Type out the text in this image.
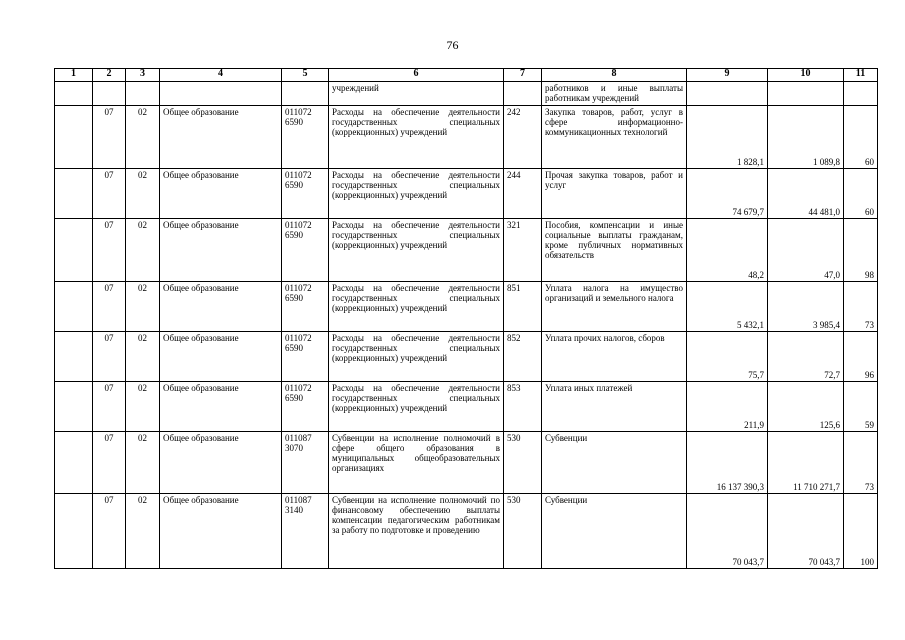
76
1	2	3	4	5	6	7	8	9	10	11
					учреждений		работников и иные выплаты работникам учреждений			
	07	02	Общее образование	011072 6590	Расходы на обеспечение деятельности государственных специальных (коррекционных) учреждений	242	Закупка товаров, работ, услуг в сфере информационно-коммуникационных технологий	1 828,1	1 089,8	60
	07	02	Общее образование	011072 6590	Расходы на обеспечение деятельности государственных специальных (коррекционных) учреждений	244	Прочая закупка товаров, работ и услуг	74 679,7	44 481,0	60
	07	02	Общее образование	011072 6590	Расходы на обеспечение деятельности государственных специальных (коррекционных) учреждений	321	Пособия, компенсации и иные социальные выплаты гражданам, кроме публичных нормативных обязательств	48,2	47,0	98
	07	02	Общее образование	011072 6590	Расходы на обеспечение деятельности государственных специальных (коррекционных) учреждений	851	Уплата налога на имущество организаций и земельного налога	5 432,1	3 985,4	73
	07	02	Общее образование	011072 6590	Расходы на обеспечение деятельности государственных специальных (коррекционных) учреждений	852	Уплата прочих налогов, сборов	75,7	72,7	96
	07	02	Общее образование	011072 6590	Расходы на обеспечение деятельности государственных специальных (коррекционных) учреждений	853	Уплата иных платежей	211,9	125,6	59
	07	02	Общее образование	011087 3070	Субвенции на исполнение полномочий в сфере общего образования в муниципальных общеобразовательных организациях	530	Субвенции	16 137 390,3	11 710 271,7	73
	07	02	Общее образование	011087 3140	Субвенции на исполнение полномочий по финансовому обеспечению выплаты компенсации педагогическим работникам за работу по подготовке и проведению	530	Субвенции	70 043,7	70 043,7	100
